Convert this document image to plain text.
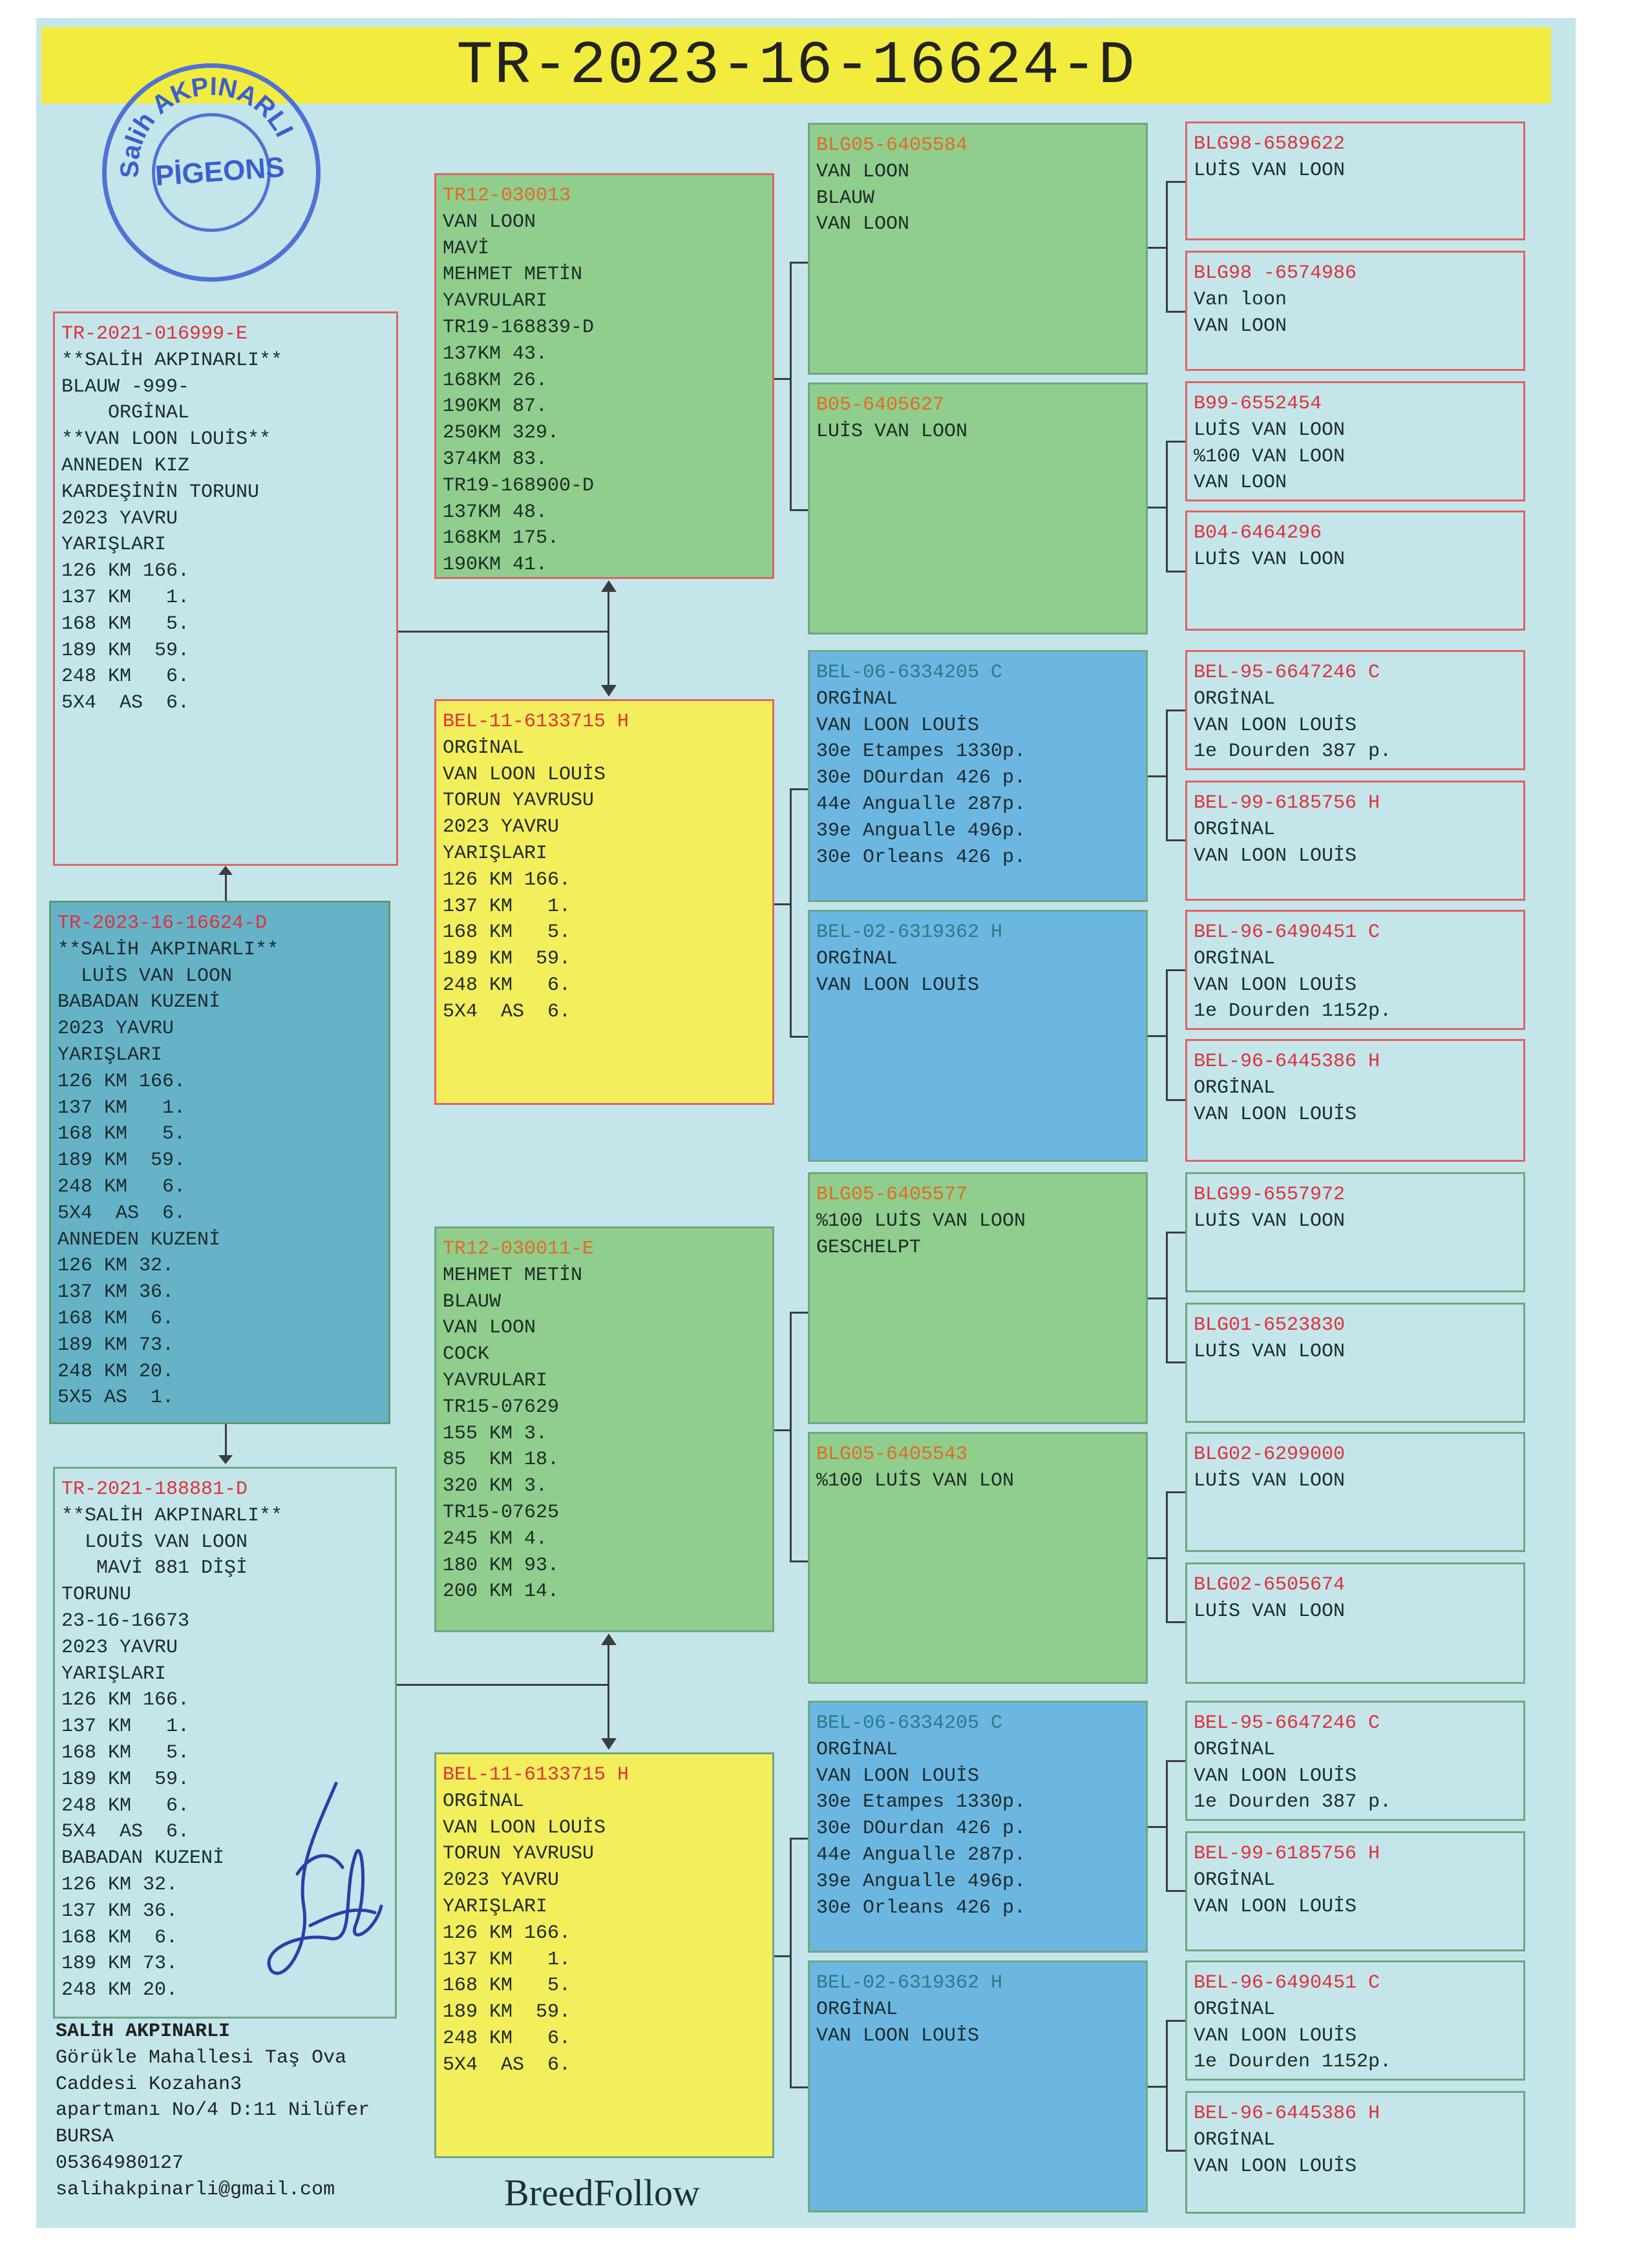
TR-2023-16-16624-D
Salih AKPINARLI
PİGEONS
TR-2021-016999-E
**SALİH AKPINARLI**
BLAUW -999-
ORGİNAL
**VAN LOON LOUİS**
ANNEDEN KIZ
KARDEŞİNİN TORUNU
2023 YAVRU
YARIŞLARI
126 KM 166.
137 KM   1.
168 KM   5.
189 KM  59.
248 KM   6.
5X4  AS  6.
TR-2023-16-16624-D
**SALİH AKPINARLI**
LUİS VAN LOON
BABADAN KUZENİ
2023 YAVRU
YARIŞLARI
126 KM 166.
137 KM   1.
168 KM   5.
189 KM  59.
248 KM   6.
5X4  AS  6.
ANNEDEN KUZENİ
126 KM 32.
137 KM 36.
168 KM  6.
189 KM 73.
248 KM 20.
5X5 AS  1.
TR-2021-188881-D
**SALİH AKPINARLI**
LOUİS VAN LOON
MAVİ 881 DİŞİ
TORUNU
23-16-16673
2023 YAVRU
YARIŞLARI
126 KM 166.
137 KM   1.
168 KM   5.
189 KM  59.
248 KM   6.
5X4  AS  6.
BABADAN KUZENİ
126 KM 32.
137 KM 36.
168 KM  6.
189 KM 73.
248 KM 20.
TR12-030013
VAN LOON
MAVİ
MEHMET METİN
YAVRULARI
TR19-168839-D
137KM 43.
168KM 26.
190KM 87.
250KM 329.
374KM 83.
TR19-168900-D
137KM 48.
168KM 175.
190KM 41.
BEL-11-6133715 H
ORGİNAL
VAN LOON LOUİS
TORUN YAVRUSU
2023 YAVRU
YARIŞLARI
126 KM 166.
137 KM   1.
168 KM   5.
189 KM  59.
248 KM   6.
5X4  AS  6.
TR12-030011-E
MEHMET METİN
BLAUW
VAN LOON
COCK
YAVRULARI
TR15-07629
155 KM 3.
85  KM 18.
320 KM 3.
TR15-07625
245 KM 4.
180 KM 93.
200 KM 14.
BEL-11-6133715 H
ORGİNAL
VAN LOON LOUİS
TORUN YAVRUSU
2023 YAVRU
YARIŞLARI
126 KM 166.
137 KM   1.
168 KM   5.
189 KM  59.
248 KM   6.
5X4  AS  6.
BLG05-6405584
VAN LOON
BLAUW
VAN LOON
B05-6405627
LUİS VAN LOON
BEL-06-6334205 C
ORGİNAL
VAN LOON LOUİS
30e Etampes 1330p.
30e DOurdan 426 p.
44e Angualle 287p.
39e Angualle 496p.
30e Orleans 426 p.
BEL-02-6319362 H
ORGİNAL
VAN LOON LOUİS
BLG05-6405577
%100 LUİS VAN LOON
GESCHELPT
BLG05-6405543
%100 LUİS VAN LON
BEL-06-6334205 C
ORGİNAL
VAN LOON LOUİS
30e Etampes 1330p.
30e DOurdan 426 p.
44e Angualle 287p.
39e Angualle 496p.
30e Orleans 426 p.
BEL-02-6319362 H
ORGİNAL
VAN LOON LOUİS
BLG98-6589622
LUİS VAN LOON
BLG98 -6574986
Van loon
VAN LOON
B99-6552454
LUİS VAN LOON
%100 VAN LOON
VAN LOON
B04-6464296
LUİS VAN LOON
BEL-95-6647246 C
ORGİNAL
VAN LOON LOUİS
1e Dourden 387 p.
BEL-99-6185756 H
ORGİNAL
VAN LOON LOUİS
BEL-96-6490451 C
ORGİNAL
VAN LOON LOUİS
1e Dourden 1152p.
BEL-96-6445386 H
ORGİNAL
VAN LOON LOUİS
BLG99-6557972
LUİS VAN LOON
BLG01-6523830
LUİS VAN LOON
BLG02-6299000
LUİS VAN LOON
BLG02-6505674
LUİS VAN LOON
BEL-95-6647246 C
ORGİNAL
VAN LOON LOUİS
1e Dourden 387 p.
BEL-99-6185756 H
ORGİNAL
VAN LOON LOUİS
BEL-96-6490451 C
ORGİNAL
VAN LOON LOUİS
1e Dourden 1152p.
BEL-96-6445386 H
ORGİNAL
VAN LOON LOUİS
SALİH AKPINARLI
Görükle Mahallesi Taş Ova
Caddesi Kozahan3
apartmanı No/4 D:11 Nilüfer
BURSA
05364980127
salihakpinarli@gmail.com	BreedFollow
